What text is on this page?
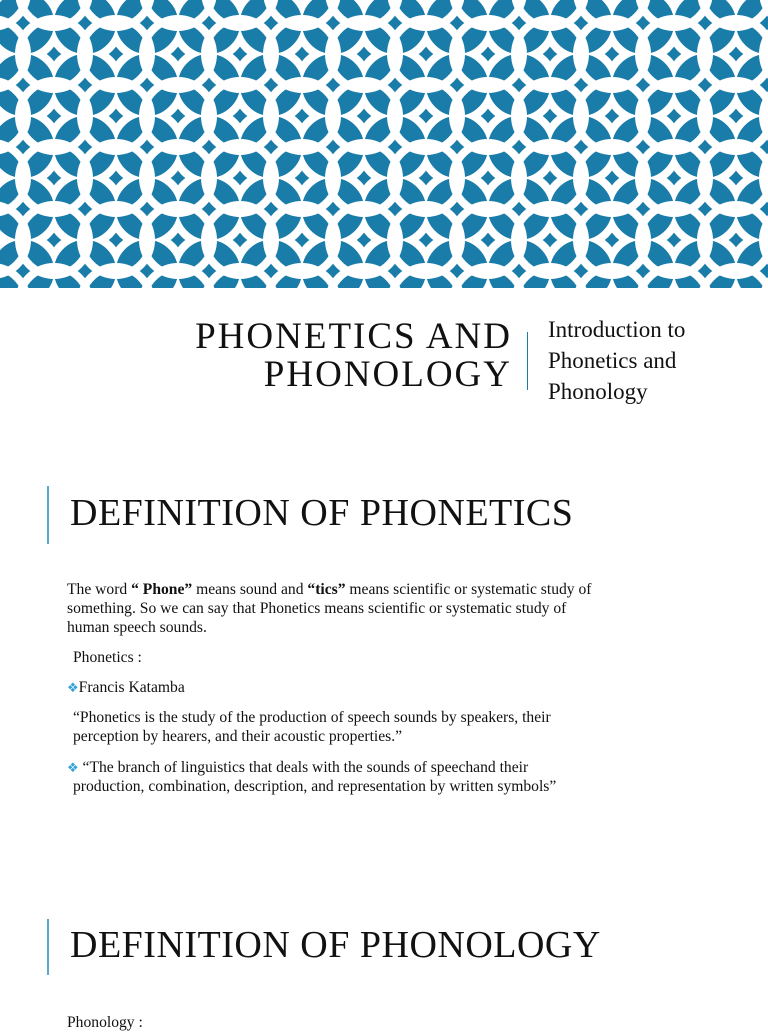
PHONETICS AND
PHONOLOGY

Introduction to
Phonetics and
Phonology

DEFINITION OF PHONETICS

The word “ Phone” means sound and “tics” means scientific or systematic study of
something. So we can say that Phonetics means scientific or systematic study of
human speech sounds.

Phonetics :

❖Francis Katamba

“Phonetics is the study of the production of speech sounds by speakers, their
perception by hearers, and their acoustic properties.”

❖ “The branch of linguistics that deals with the sounds of speechand their
production, combination, description, and representation by written symbols”

DEFINITION OF PHONOLOGY

Phonology :
